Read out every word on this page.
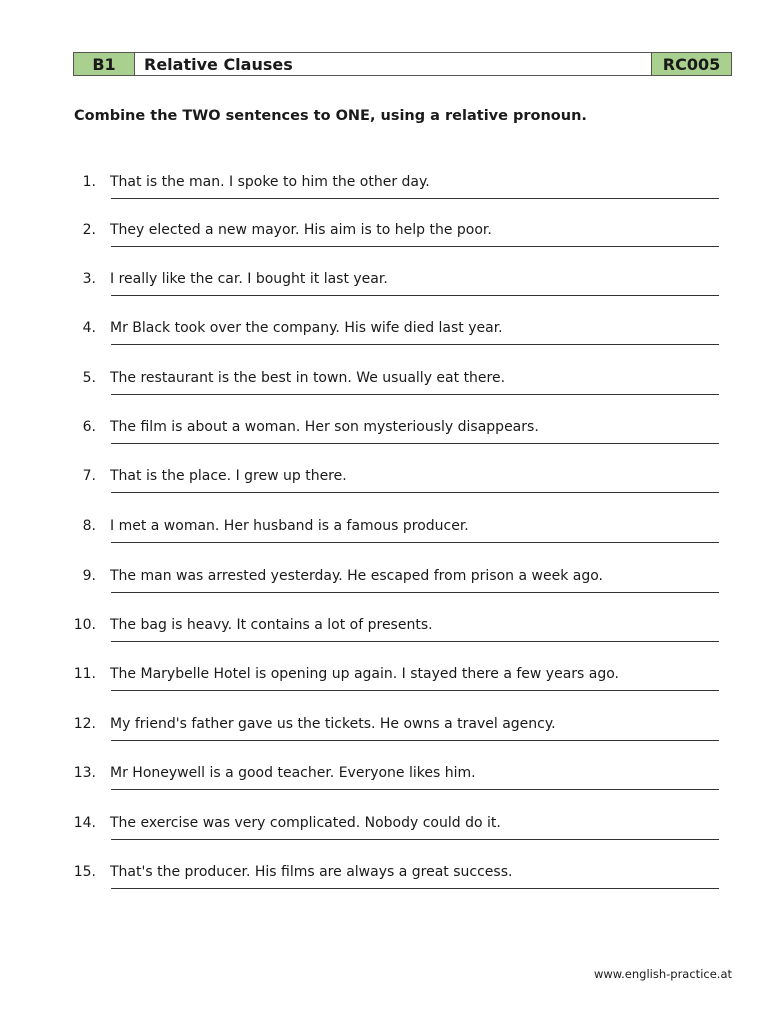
B1	Relative Clauses	RC005
Combine the TWO sentences to ONE, using a relative pronoun.
1. That is the man. I spoke to him the other day.
2. They elected a new mayor. His aim is to help the poor.
3. I really like the car. I bought it last year.
4. Mr Black took over the company. His wife died last year.
5. The restaurant is the best in town. We usually eat there.
6. The film is about a woman. Her son mysteriously disappears.
7. That is the place. I grew up there.
8. I met a woman. Her husband is a famous producer.
9. The man was arrested yesterday. He escaped from prison a week ago.
10. The bag is heavy. It contains a lot of presents.
11. The Marybelle Hotel is opening up again. I stayed there a few years ago.
12. My friend's father gave us the tickets. He owns a travel agency.
13. Mr Honeywell is a good teacher. Everyone likes him.
14. The exercise was very complicated. Nobody could do it.
15. That's the producer. His films are always a great success.
www.english-practice.at
